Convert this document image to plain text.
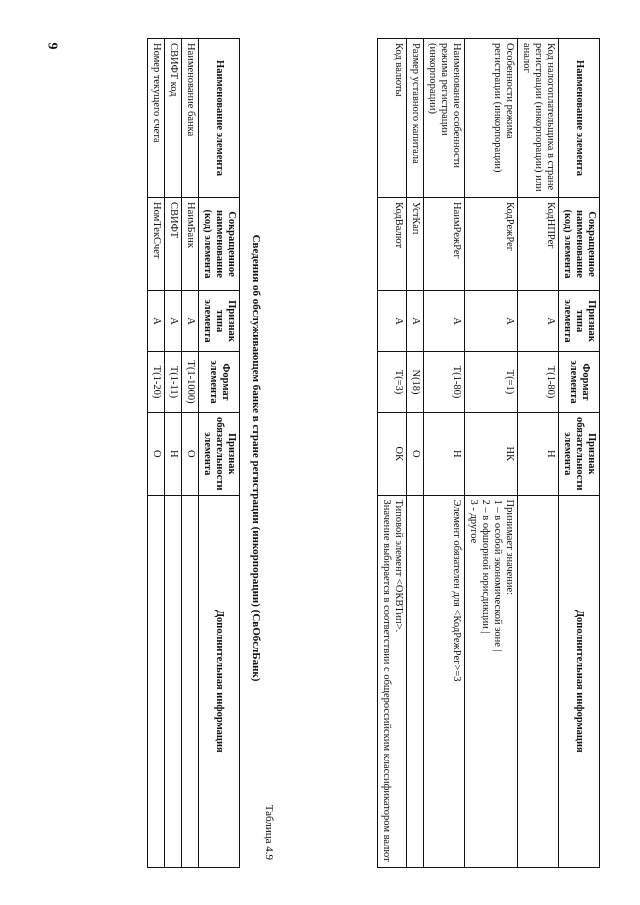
9
Наименование элемента	Сокращенное наименование (код) элемента	Признак типа элемента	Формат элемента	Признак обязательности элемента	Дополнительная информация
Код налогоплательщика в стране регистрации (инкорпорации) или аналог	КодНПРег	А	T(1-80)	Н	
Особенности режима регистрации (инкорпорации)	КодРежРег	А	T(=1)	НК	Принимает значение:
1 – в особой экономической зоне |
2 – в офшорной юрисдикции |
3 - другое
Наименование особенности режима регистрации (инкорпорации)	НаимРежРег	А	T(1-80)	Н	Элемент обязателен для <КодРежРег>=3
Размер уставного капитала	УстКап	А	N(18)	О	
Код валюты	КодВалют	А	T(=3)	ОК	Типовой элемент <ОКВТип>.
Значение выбирается в соответствии с общероссийским классификатором валют
Таблица 4.9
Сведения об обслуживающем банке в стране регистрации (инкорпорации) (СвОбслБанк)
Наименование элемента	Сокращенное наименование (код) элемента	Признак типа элемента	Формат элемента	Признак обязательности элемента	Дополнительная информация
Наименование банка	НаимБанк	А	T(1-1000)	О	
СВИФТ код	СВИФТ	А	T(1-11)	Н	
Номер текущего счета	НомТекСчет	А	T(1-20)	О	
